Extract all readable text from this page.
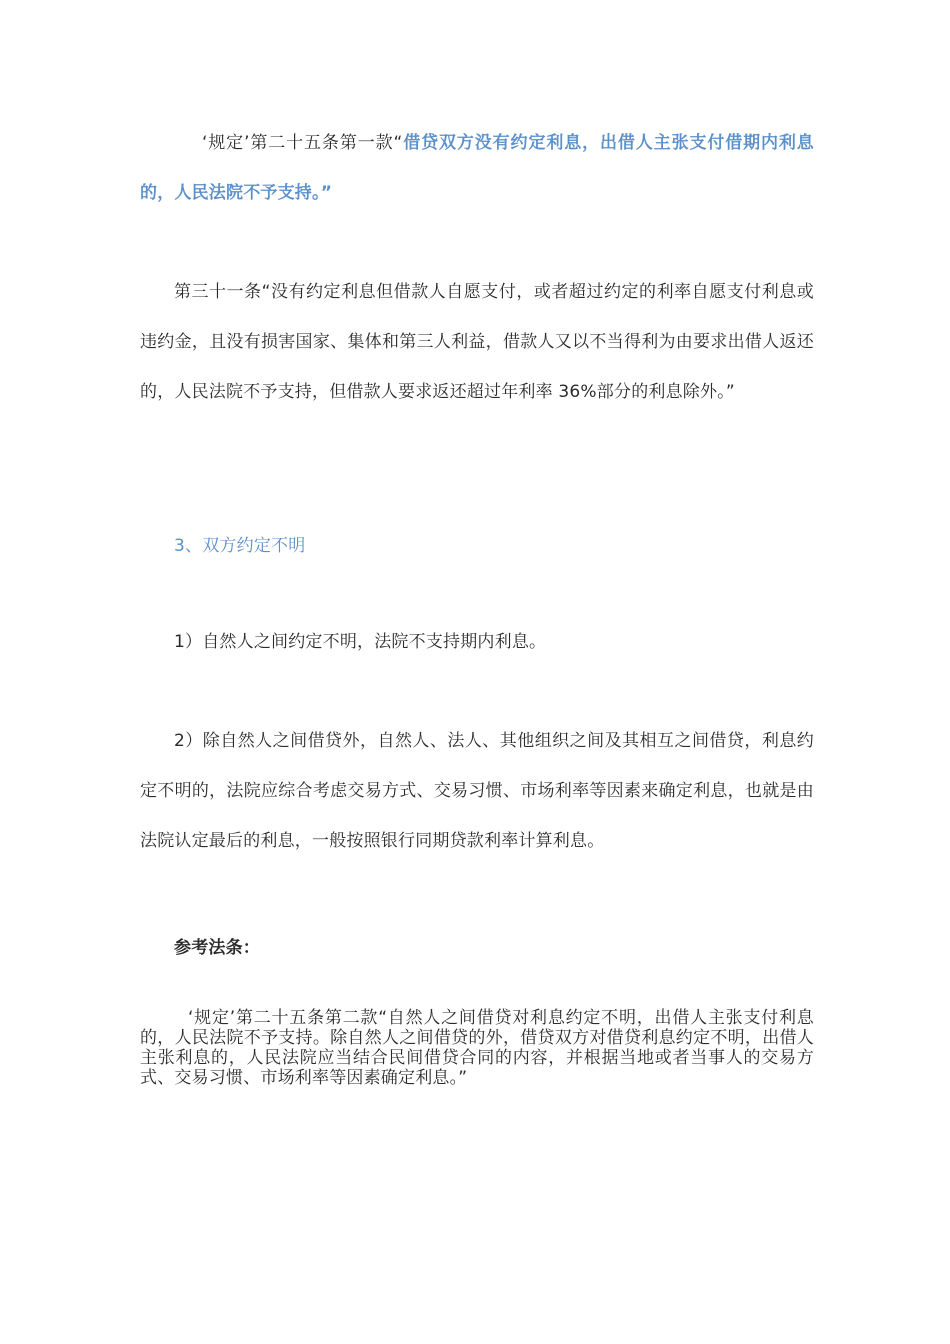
‘规定’第二十五条第一款“借贷双方没有约定利息，出借人主张支付借期内利息的，人民法院不予支持。”

第三十一条“没有约定利息但借款人自愿支付，或者超过约定的利率自愿支付利息或违约金，且没有损害国家、集体和第三人利益，借款人又以不当得利为由要求出借人返还的，人民法院不予支持，但借款人要求返还超过年利率 36%部分的利息除外。”

3、双方约定不明

1）自然人之间约定不明，法院不支持期内利息。

2）除自然人之间借贷外，自然人、法人、其他组织之间及其相互之间借贷，利息约定不明的，法院应综合考虑交易方式、交易习惯、市场利率等因素来确定利息，也就是由法院认定最后的利息，一般按照银行同期贷款利率计算利息。

参考法条：

‘规定’第二十五条第二款“自然人之间借贷对利息约定不明，出借人主张支付利息的，人民法院不予支持。除自然人之间借贷的外，借贷双方对借贷利息约定不明，出借人主张利息的，人民法院应当结合民间借贷合同的内容，并根据当地或者当事人的交易方式、交易习惯、市场利率等因素确定利息。”
